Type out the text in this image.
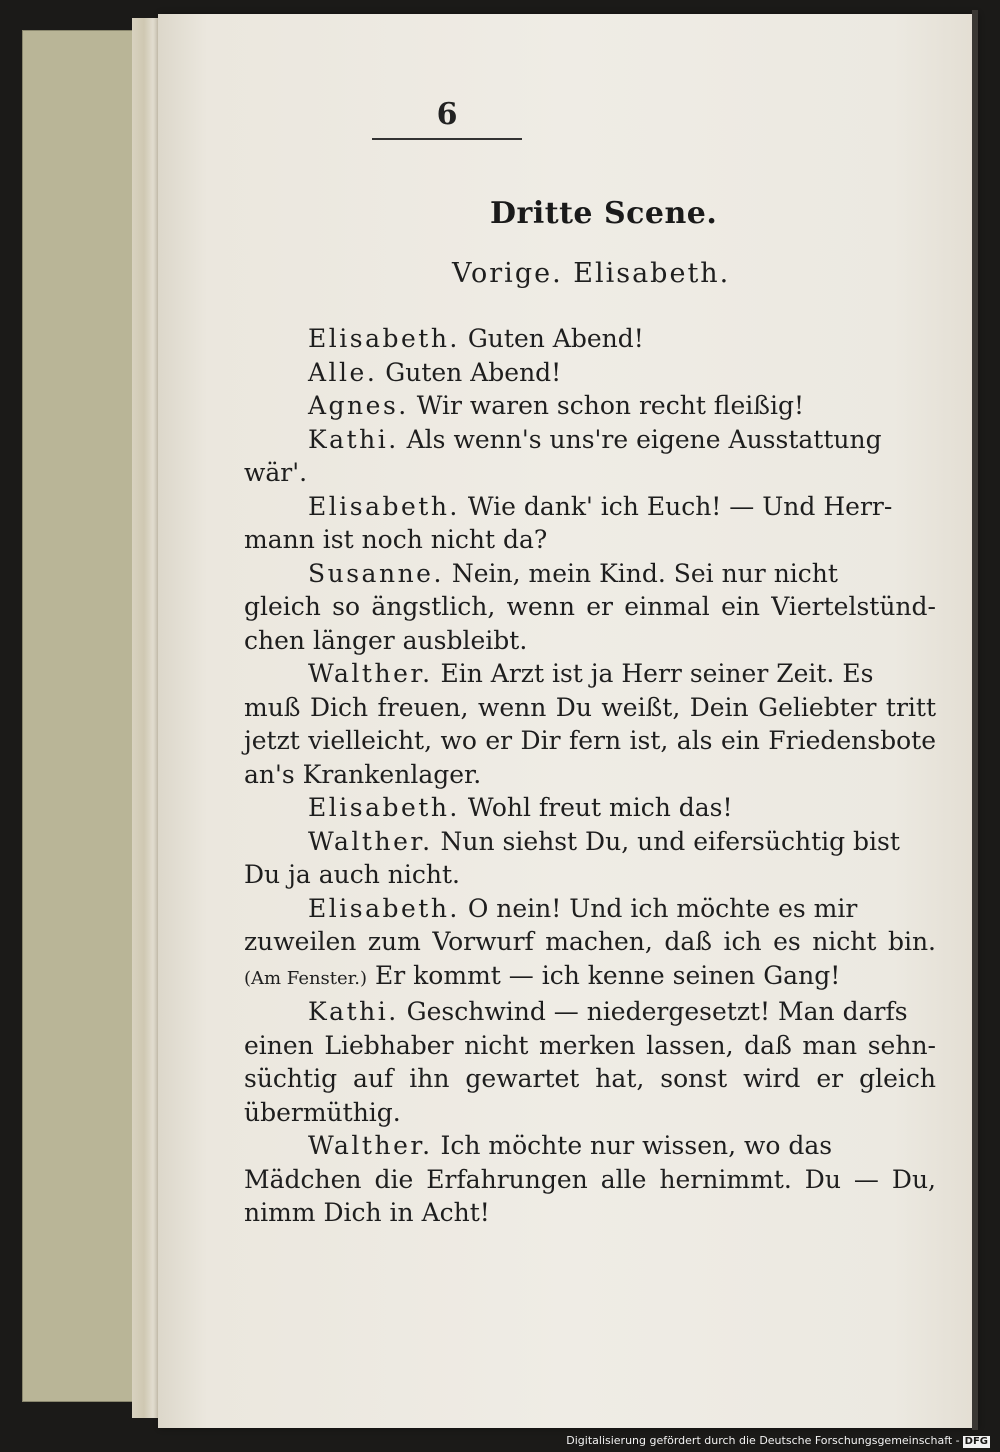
6
Dritte Scene.
Vorige. Elisabeth.

Elisabeth. Guten Abend!

Alle. Guten Abend!

Agnes. Wir waren schon recht fleißig!

Kathi. Als wenn's uns're eigene Ausstattung
wär'.

Elisabeth. Wie dank' ich Euch! — Und Herr-
mann ist noch nicht da?

Susanne. Nein, mein Kind. Sei nur nicht
gleich so ängstlich, wenn er einmal ein Viertelstünd-chen länger ausbleibt.

Walther. Ein Arzt ist ja Herr seiner Zeit. Es
muß Dich freuen, wenn Du weißt, Dein Geliebter tritt jetzt vielleicht, wo er Dir fern ist, als ein Friedensbote an's Krankenlager.

Elisabeth. Wohl freut mich das!

Walther. Nun siehst Du, und eifersüchtig bist
Du ja auch nicht.

Elisabeth. O nein! Und ich möchte es mir
zuweilen zum Vorwurf machen, daß ich es nicht bin. (Am Fenster.) Er kommt — ich kenne seinen Gang!

Kathi. Geschwind — niedergesetzt! Man darfs
einen Liebhaber nicht merken lassen, daß man sehn-süchtig auf ihn gewartet hat, sonst wird er gleich übermüthig.

Walther. Ich möchte nur wissen, wo das
Mädchen die Erfahrungen alle hernimmt. Du — Du, nimm Dich in Acht!

Digitalisierung gefördert durch die Deutsche Forschungsgemeinschaft - DFG
